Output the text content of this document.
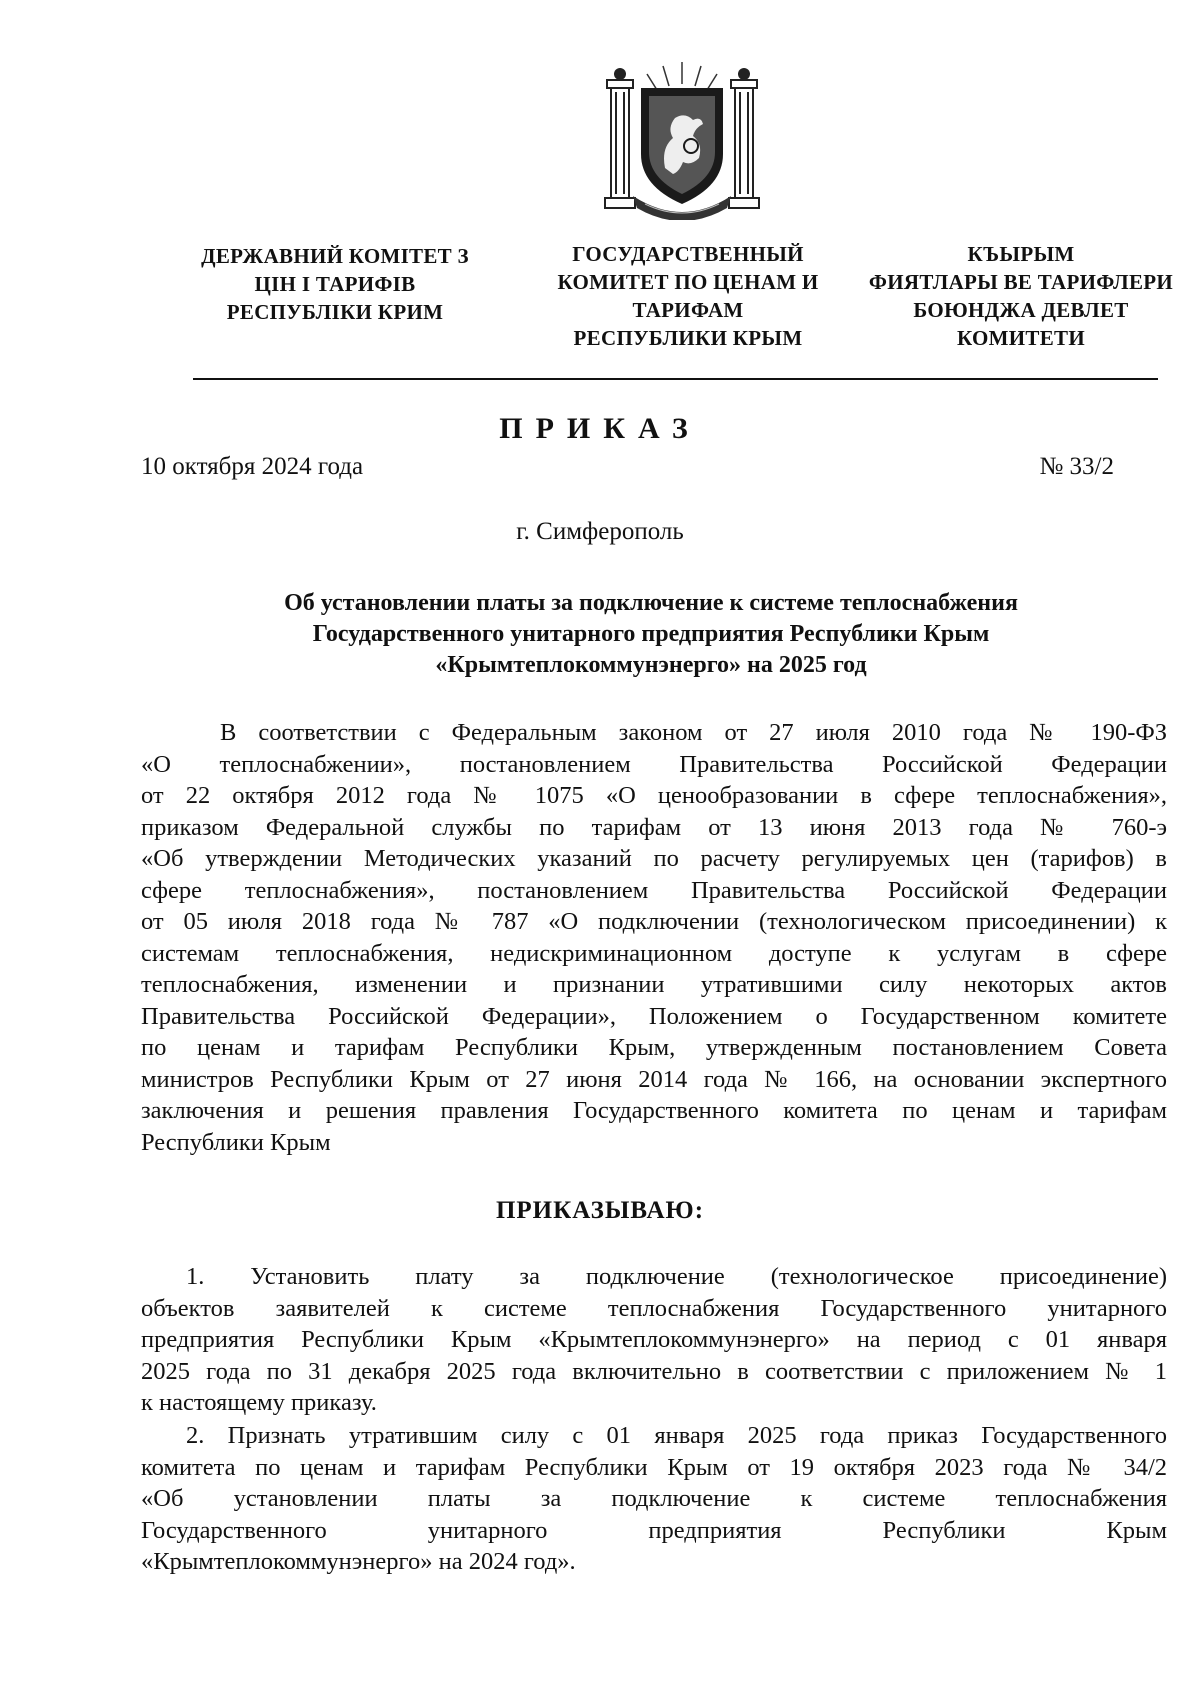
ДЕРЖАВНИЙ КОМІТЕТ З
ЦІН І ТАРИФІВ
РЕСПУБЛІКИ КРИМ
ГОСУДАРСТВЕННЫЙ
КОМИТЕТ ПО ЦЕНАМ И
ТАРИФАМ
РЕСПУБЛИКИ КРЫМ
КЪЫРЫМ
ФИЯТЛАРЫ ВЕ ТАРИФЛЕРИ
БОЮНДЖА ДЕВЛЕТ
КОМИТЕТИ
ПРИКАЗ
10 октября 2024 года	№ 33/2
г. Симферополь
Об установлении платы за подключение к системе теплоснабжения
Государственного унитарного предприятия Республики Крым
«Крымтеплокоммунэнерго» на 2025 год
В соответствии с Федеральным законом от 27 июля 2010 года № 190-ФЗ
«О теплоснабжении», постановлением Правительства Российской Федерации
от 22 октября 2012 года № 1075 «О ценообразовании в сфере теплоснабжения»,
приказом Федеральной службы по тарифам от 13 июня 2013 года № 760-э
«Об утверждении Методических указаний по расчету регулируемых цен (тарифов) в
сфере теплоснабжения», постановлением Правительства Российской Федерации
от 05 июля 2018 года № 787 «О подключении (технологическом присоединении) к
системам теплоснабжения, недискриминационном доступе к услугам в сфере
теплоснабжения, изменении и признании утратившими силу некоторых актов
Правительства Российской Федерации», Положением о Государственном комитете
по ценам и тарифам Республики Крым, утвержденным постановлением Совета
министров Республики Крым от 27 июня 2014 года № 166, на основании экспертного
заключения и решения правления Государственного комитета по ценам и тарифам
Республики Крым
ПРИКАЗЫВАЮ:
1. Установить плату за подключение (технологическое присоединение)
объектов заявителей к системе теплоснабжения Государственного унитарного
предприятия Республики Крым «Крымтеплокоммунэнерго» на период с 01 января
2025 года по 31 декабря 2025 года включительно в соответствии с приложением № 1
к настоящему приказу.
2. Признать утратившим силу с 01 января 2025 года приказ Государственного
комитета по ценам и тарифам Республики Крым от 19 октября 2023 года № 34/2
«Об установлении платы за подключение к системе теплоснабжения
Государственного унитарного предприятия Республики Крым
«Крымтеплокоммунэнерго» на 2024 год».
